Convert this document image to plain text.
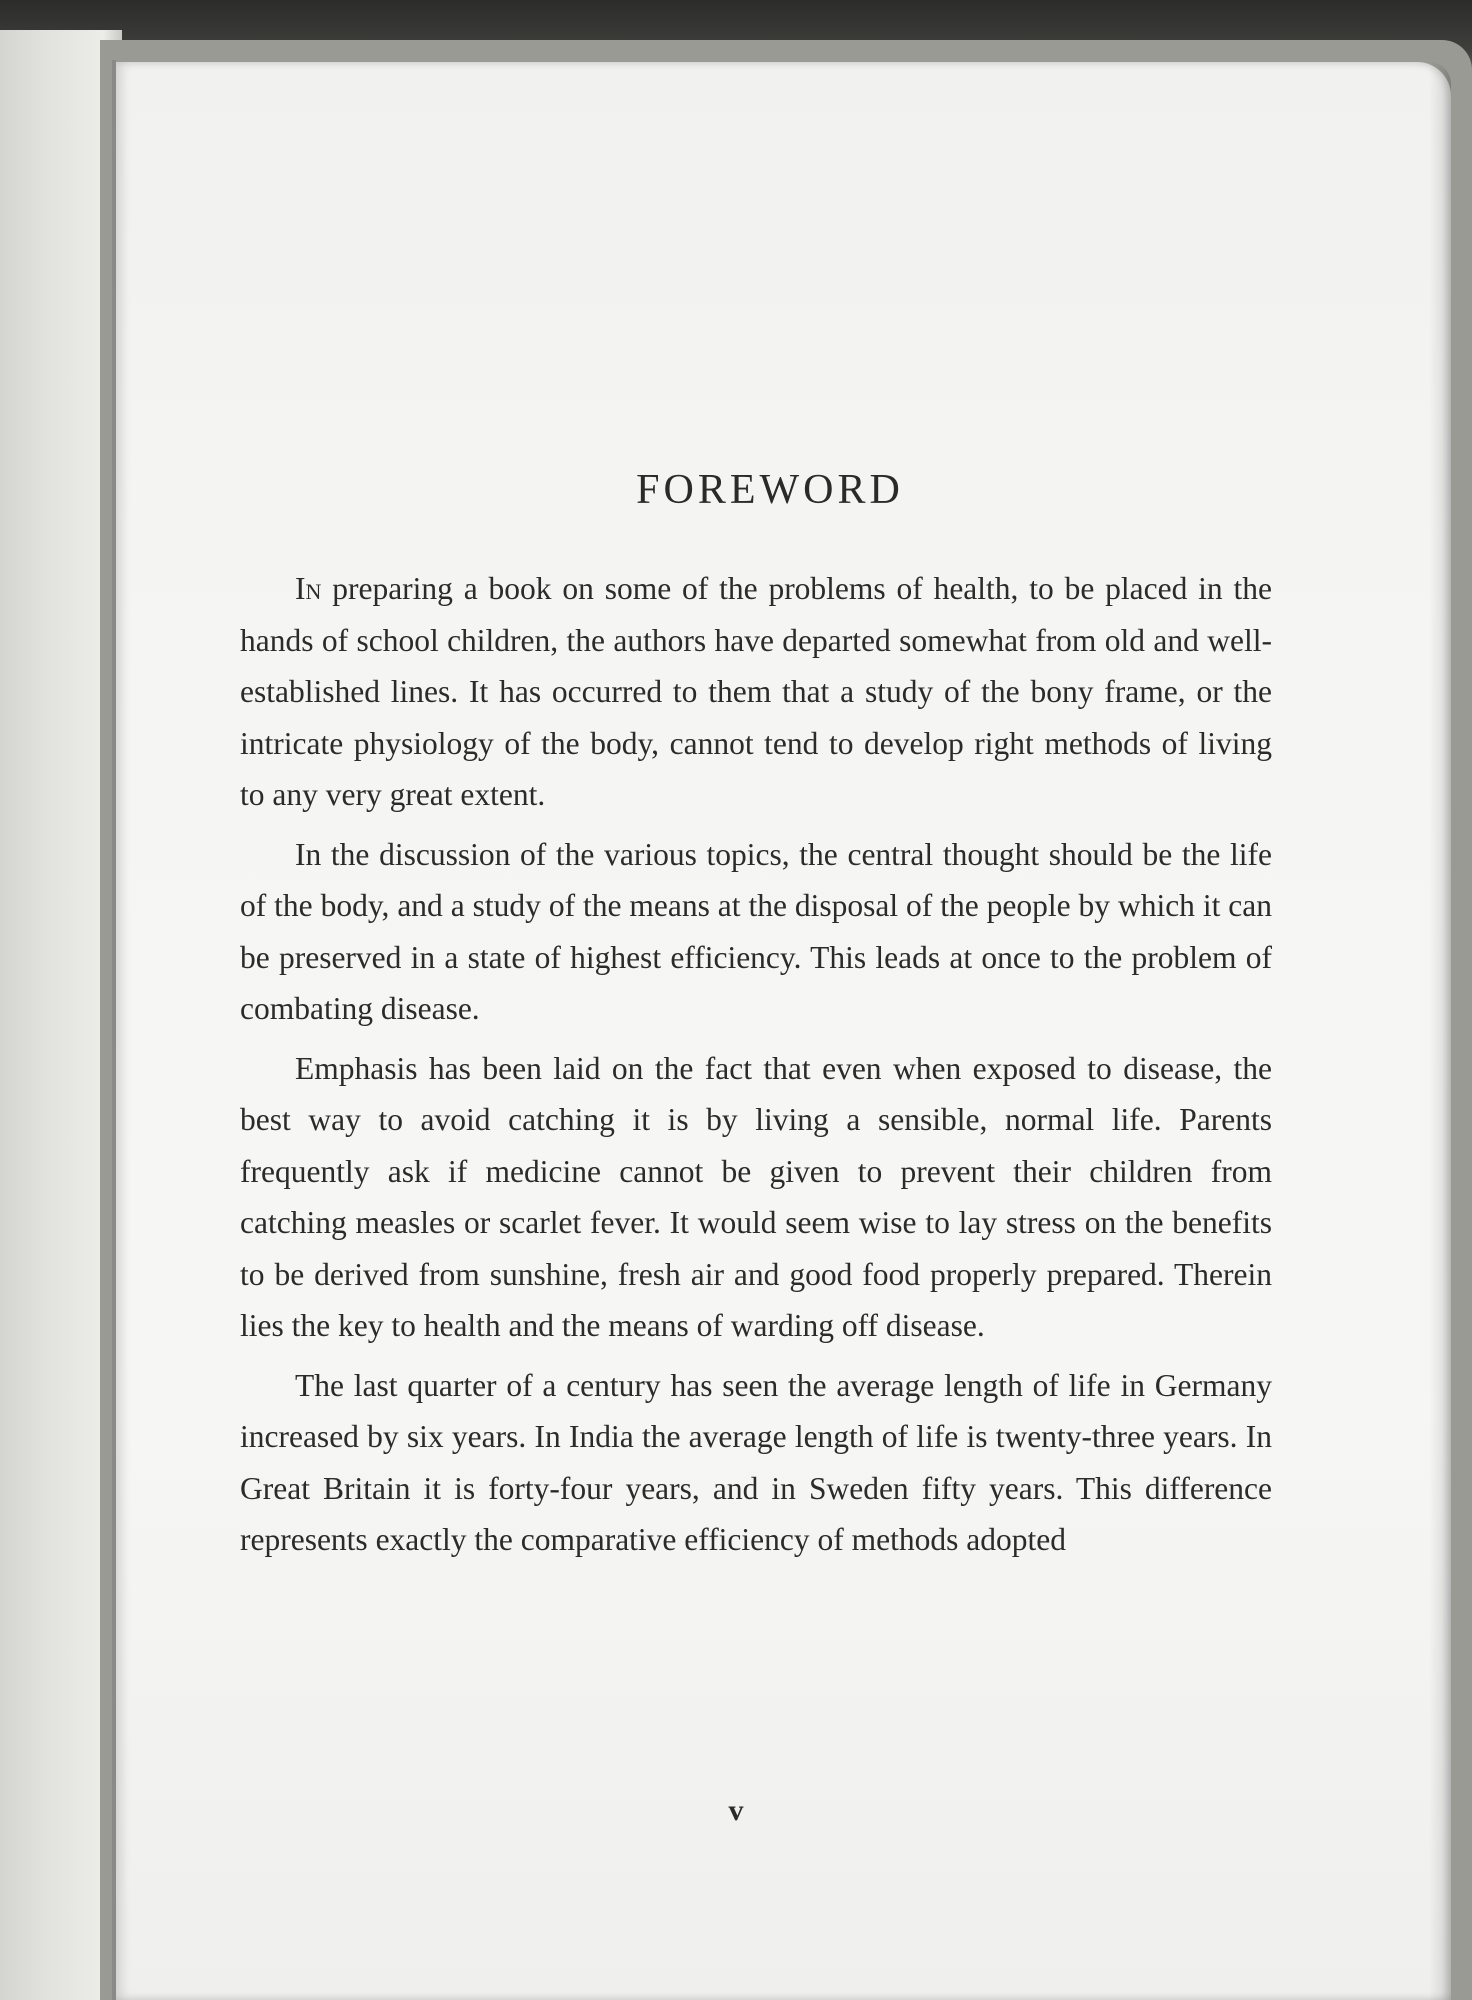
FOREWORD

In preparing a book on some of the problems of health, to be placed in the hands of school children, the authors have departed somewhat from old and well-established lines. It has occurred to them that a study of the bony frame, or the intricate physiology of the body, cannot tend to develop right methods of living to any very great extent.

In the discussion of the various topics, the central thought should be the life of the body, and a study of the means at the disposal of the people by which it can be preserved in a state of highest efficiency. This leads at once to the problem of combating disease.

Emphasis has been laid on the fact that even when exposed to disease, the best way to avoid catching it is by living a sensible, normal life. Parents frequently ask if medicine cannot be given to prevent their children from catching measles or scarlet fever. It would seem wise to lay stress on the benefits to be derived from sunshine, fresh air and good food properly prepared. Therein lies the key to health and the means of warding off disease.

The last quarter of a century has seen the average length of life in Germany increased by six years. In India the average length of life is twenty-three years. In Great Britain it is forty-four years, and in Sweden fifty years. This difference represents exactly the comparative efficiency of methods adopted

v
